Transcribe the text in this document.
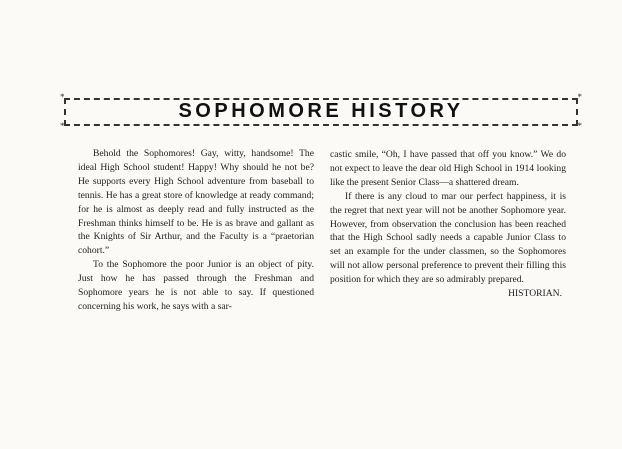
*	*
*	*
SOPHOMORE HISTORY

Behold the Sophomores! Gay, witty, handsome! The ideal High School student! Happy! Why should he not be? He supports every High School adventure from baseball to tennis. He has a great store of knowledge at ready command; for he is almost as deeply read and fully instructed as the Freshman thinks himself to be. He is as brave and gallant as the Knights of Sir Arthur, and the Faculty is a “praetorian cohort.”

To the Sophomore the poor Junior is an object of pity. Just how he has passed through the Freshman and Sophomore years he is not able to say. If questioned concerning his work, he says with a sar-

castic smile, “Oh, I have passed that off you know.” We do not expect to leave the dear old High School in 1914 looking like the present Senior Class—a shattered dream.

If there is any cloud to mar our perfect happiness, it is the regret that next year will not be another Sophomore year. However, from observation the conclusion has been reached that the High School sadly needs a capable Junior Class to set an example for the under classmen, so the Sophomores will not allow personal preference to prevent their filling this position for which they are so admirably prepared.

HISTORIAN.
